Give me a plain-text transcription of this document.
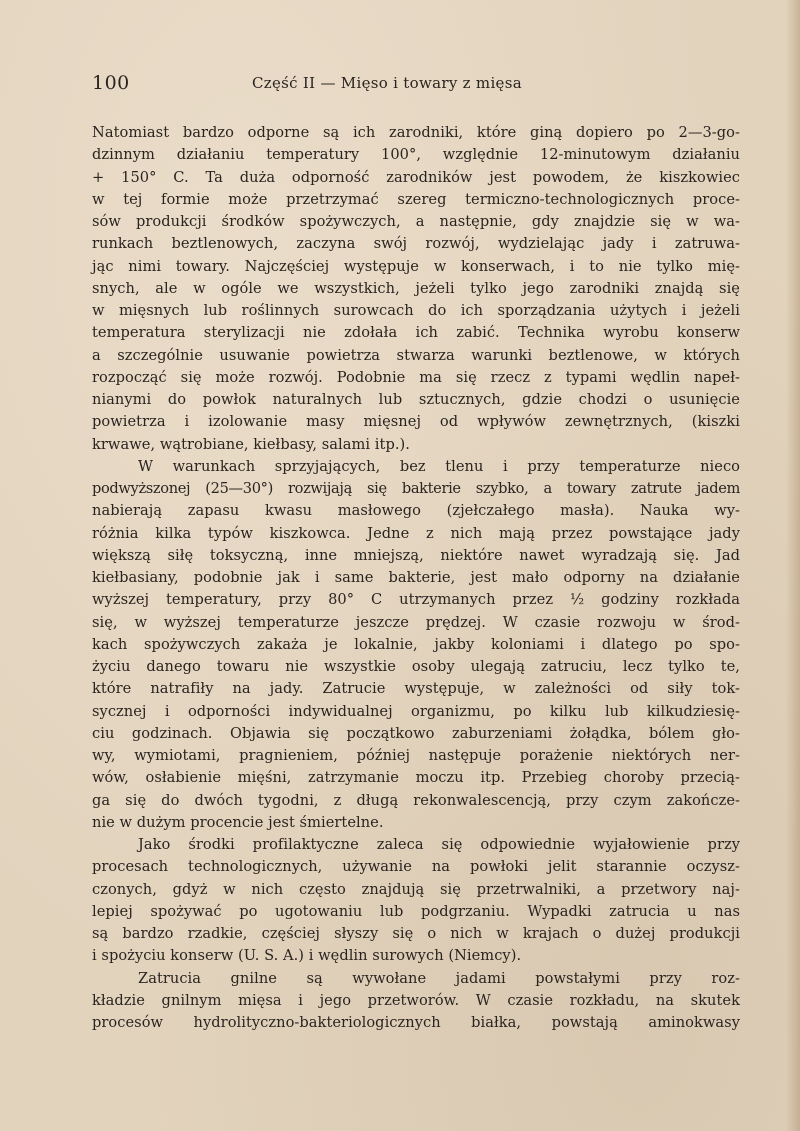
100	Część II — Mięso i towary z mięsa
Natomiast bardzo odporne są ich zarodniki, które giną dopiero po 2—3-go-
dzinnym działaniu temperatury 100°, względnie 12-minutowym działaniu
+ 150° C. Ta duża odporność zarodników jest powodem, że kiszkowiec
w tej formie może przetrzymać szereg termiczno-technologicznych proce-
sów produkcji środków spożywczych, a następnie, gdy znajdzie się w wa-
runkach beztlenowych, zaczyna swój rozwój, wydzielając jady i zatruwa-
jąc nimi towary. Najczęściej występuje w konserwach, i to nie tylko mię-
snych, ale w ogóle we wszystkich, jeżeli tylko jego zarodniki znajdą się
w mięsnych lub roślinnych surowcach do ich sporządzania użytych i jeżeli
temperatura sterylizacji nie zdołała ich zabić. Technika wyrobu konserw
a szczególnie usuwanie powietrza stwarza warunki beztlenowe, w których
rozpocząć się może rozwój. Podobnie ma się rzecz z typami wędlin napeł-
nianymi do powłok naturalnych lub sztucznych, gdzie chodzi o usunięcie
powietrza i izolowanie masy mięsnej od wpływów zewnętrznych, (kiszki
krwawe, wątrobiane, kiełbasy, salami itp.).
W warunkach sprzyjających, bez tlenu i przy temperaturze nieco
podwyższonej (25—30°) rozwijają się bakterie szybko, a towary zatrute jadem
nabierają zapasu kwasu masłowego (zjełczałego masła). Nauka wy-
różnia kilka typów kiszkowca. Jedne z nich mają przez powstające jady
większą siłę toksyczną, inne mniejszą, niektóre nawet wyradzają się. Jad
kiełbasiany, podobnie jak i same bakterie, jest mało odporny na działanie
wyższej temperatury, przy 80° C utrzymanych przez ½ godziny rozkłada
się, w wyższej temperaturze jeszcze prędzej. W czasie rozwoju w środ-
kach spożywczych zakaża je lokalnie, jakby koloniami i dlatego po spo-
życiu danego towaru nie wszystkie osoby ulegają zatruciu, lecz tylko te,
które natrafiły na jady. Zatrucie występuje, w zależności od siły tok-
sycznej i odporności indywidualnej organizmu, po kilku lub kilkudziesię-
ciu godzinach. Objawia się początkowo zaburzeniami żołądka, bólem gło-
wy, wymiotami, pragnieniem, później następuje porażenie niektórych ner-
wów, osłabienie mięśni, zatrzymanie moczu itp. Przebieg choroby przecią-
ga się do dwóch tygodni, z długą rekonwalescencją, przy czym zakończe-
nie w dużym procencie jest śmiertelne.
Jako środki profilaktyczne zaleca się odpowiednie wyjałowienie przy
procesach technologicznych, używanie na powłoki jelit starannie oczysz-
czonych, gdyż w nich często znajdują się przetrwalniki, a przetwory naj-
lepiej spożywać po ugotowaniu lub podgrzaniu. Wypadki zatrucia u nas
są bardzo rzadkie, częściej słyszy się o nich w krajach o dużej produkcji
i spożyciu konserw (U. S. A.) i wędlin surowych (Niemcy).
Zatrucia gnilne są wywołane jadami powstałymi przy roz-
kładzie gnilnym mięsa i jego przetworów. W czasie rozkładu, na skutek
procesów hydrolityczno-bakteriologicznych białka, powstają aminokwasy
